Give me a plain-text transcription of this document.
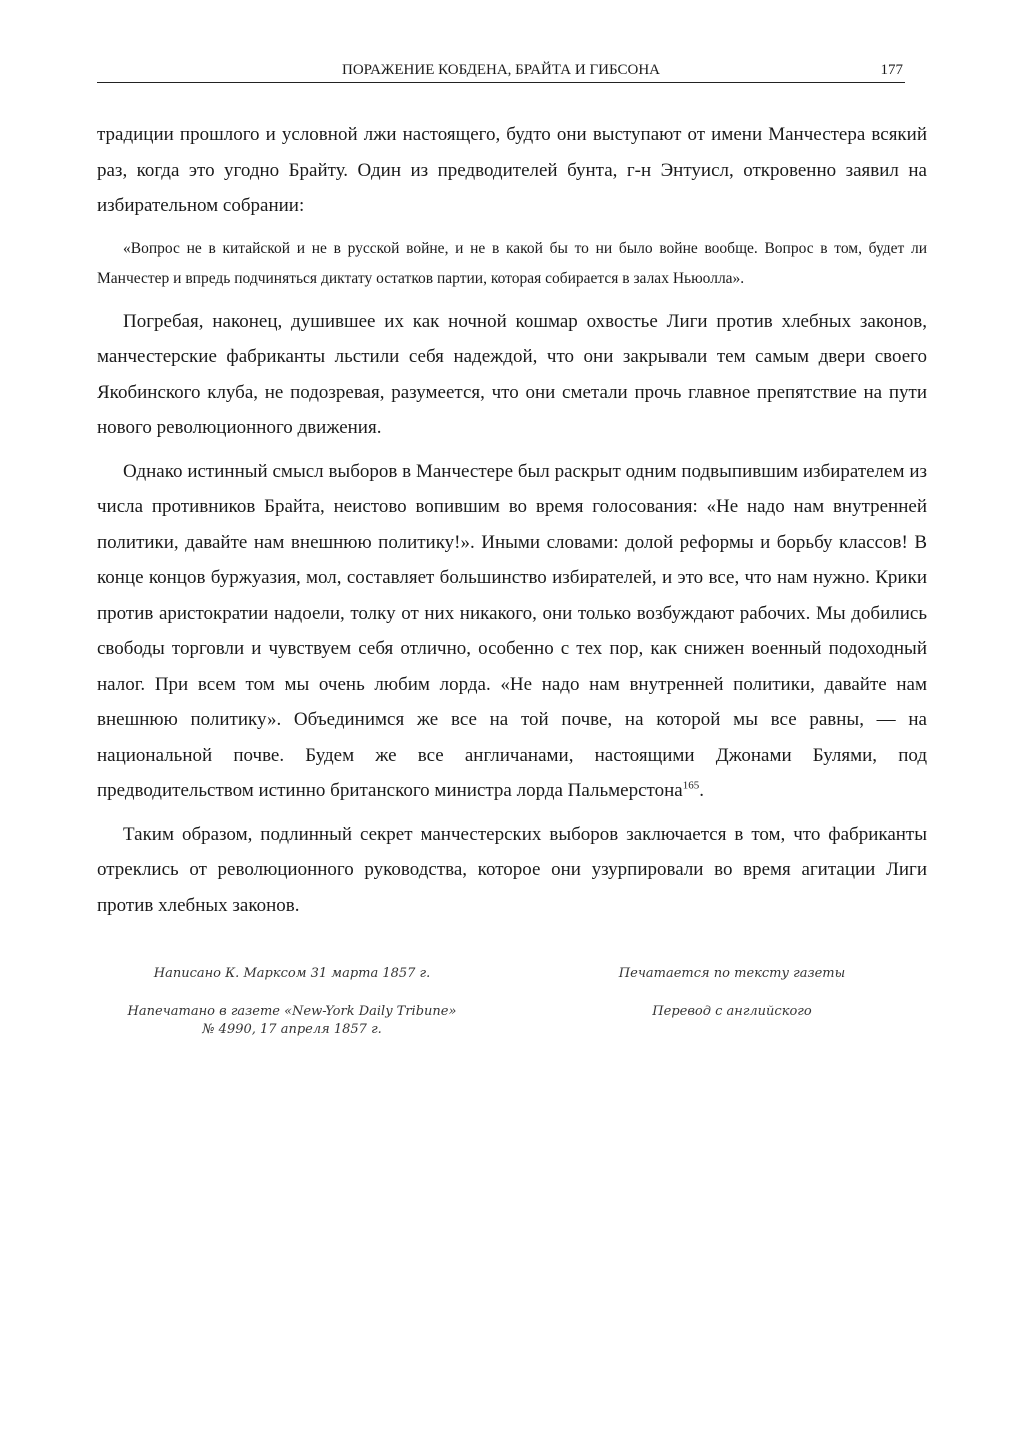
ПОРАЖЕНИЕ КОБДЕНА, БРАЙТА И ГИБСОНА	177

традиции прошлого и условной лжи настоящего, будто они выступают от имени Манчестера всякий раз, когда это угодно Брайту. Один из предводителей бунта, г-н Энтуисл, откровенно заявил на избирательном собрании:

«Вопрос не в китайской и не в русской войне, и не в какой бы то ни было войне вообще. Вопрос в том, будет ли Манчестер и впредь подчиняться диктату остатков партии, которая собирается в залах Ньюолла».

Погребая, наконец, душившее их как ночной кошмар охвостье Лиги против хлебных законов, манчестерские фабриканты льстили себя надеждой, что они закрывали тем самым двери своего Якобинского клуба, не подозревая, разумеется, что они сметали прочь главное препятствие на пути нового революционного движения.

Однако истинный смысл выборов в Манчестере был раскрыт одним подвыпившим избирателем из числа противников Брайта, неистово вопившим во время голосования: «Не надо нам внутренней политики, давайте нам внешнюю политику!». Иными словами: долой реформы и борьбу классов! В конце концов буржуазия, мол, составляет большинство избирателей, и это все, что нам нужно. Крики против аристократии надоели, толку от них никакого, они только возбуждают рабочих. Мы добились свободы торговли и чувствуем себя отлично, особенно с тех пор, как снижен военный подоходный налог. При всем том мы очень любим лорда. «Не надо нам внутренней политики, давайте нам внешнюю политику». Объединимся же все на той почве, на которой мы все равны, — на национальной почве. Будем же все англичанами, настоящими Джонами Булями, под предводительством истинно британского министра лорда Пальмерстона$^{165}$.

Таким образом, подлинный секрет манчестерских выборов заключается в том, что фабриканты отреклись от революционного руководства, которое они узурпировали во время агитации Лиги против хлебных законов.

Написано К. Марксом 31 марта 1857 г.
Напечатано в газете «New-York Daily Tribune»
№ 4990, 17 апреля 1857 г.
Печатается по тексту газеты
Перевод с английского
